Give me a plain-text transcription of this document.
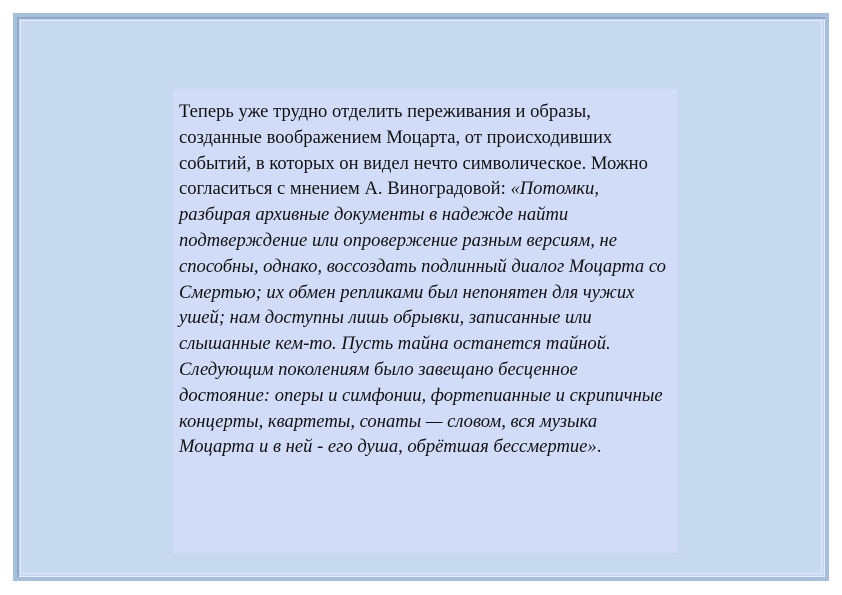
Теперь уже трудно отделить переживания и образы, созданные воображением Моцарта, от происходивших событий, в которых он видел нечто символическое. Можно согласиться с мнением А. Виноградовой: «Потомки, разбирая архивные документы в надежде найти подтверждение или опровержение разным версиям, не способны, однако, воссоздать подлинный диалог Моцарта со Смертью; их обмен репликами был непонятен для чужих ушей; нам доступны лишь обрывки, записанные или слышанные кем-то. Пусть тайна останется тайной. Следующим поколениям было завещано бесценное достояние: оперы и симфонии, фортепианные и скрипичные концерты, квартеты, сонаты — словом, вся музыка Моцарта и в ней - его душа, обрётшая бессмертие».
